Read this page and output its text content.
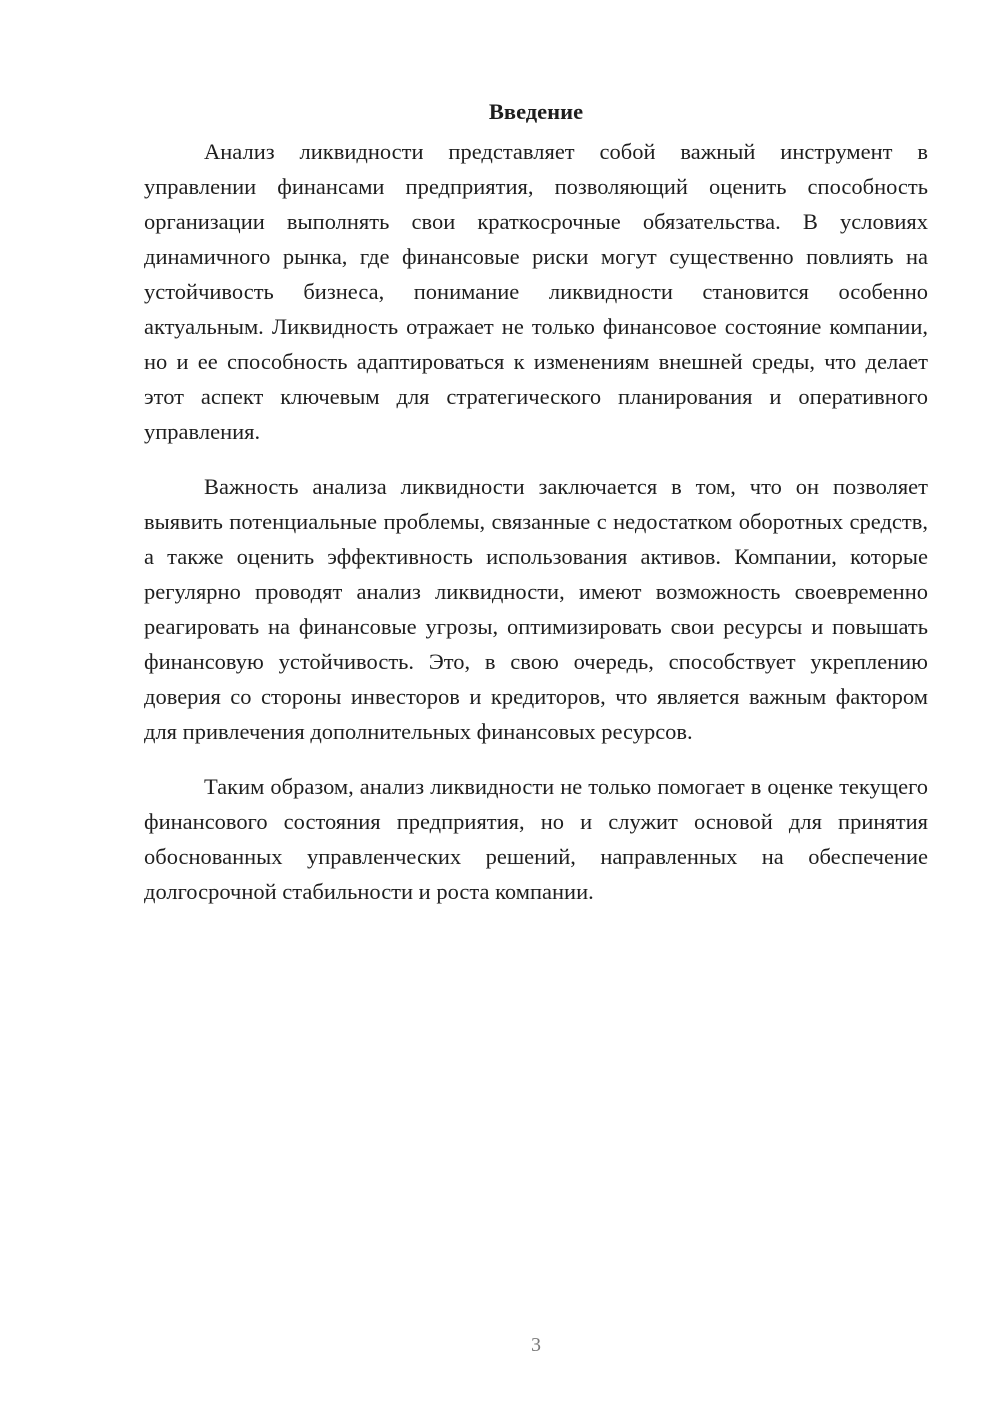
Введение

Анализ ликвидности представляет собой важный инструмент в управлении финансами предприятия, позволяющий оценить способность организации выполнять свои краткосрочные обязательства. В условиях динамичного рынка, где финансовые риски могут существенно повлиять на устойчивость бизнеса, понимание ликвидности становится особенно актуальным. Ликвидность отражает не только финансовое состояние компании, но и ее способность адаптироваться к изменениям внешней среды, что делает этот аспект ключевым для стратегического планирования и оперативного управления.

Важность анализа ликвидности заключается в том, что он позволяет выявить потенциальные проблемы, связанные с недостатком оборотных средств, а также оценить эффективность использования активов. Компании, которые регулярно проводят анализ ликвидности, имеют возможность своевременно реагировать на финансовые угрозы, оптимизировать свои ресурсы и повышать финансовую устойчивость. Это, в свою очередь, способствует укреплению доверия со стороны инвесторов и кредиторов, что является важным фактором для привлечения дополнительных финансовых ресурсов.

Таким образом, анализ ликвидности не только помогает в оценке текущего финансового состояния предприятия, но и служит основой для принятия обоснованных управленческих решений, направленных на обеспечение долгосрочной стабильности и роста компании.

3
